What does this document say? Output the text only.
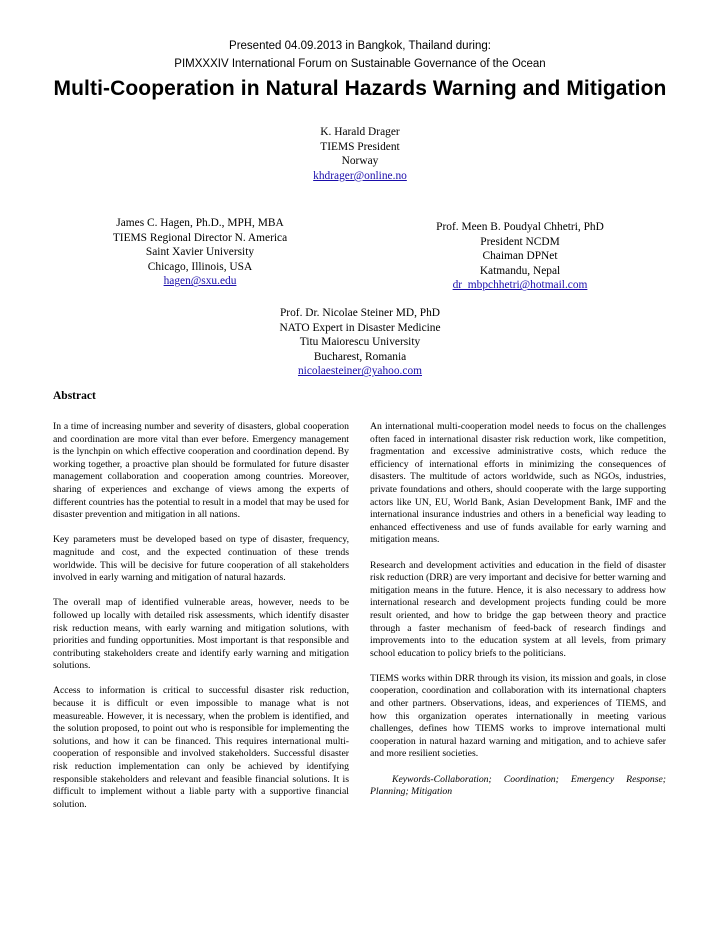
Presented 04.09.2013 in Bangkok, Thailand during:
PIMXXXIV International Forum on Sustainable Governance of the Ocean
Multi-Cooperation in Natural Hazards Warning and Mitigation
K. Harald Drager
TIEMS President
Norway
khdrager@online.no
James C. Hagen, Ph.D., MPH, MBA
TIEMS Regional Director N. America
Saint Xavier University
Chicago, Illinois, USA
hagen@sxu.edu
Prof. Meen B. Poudyal Chhetri, PhD
President NCDM
Chaiman DPNet
Katmandu, Nepal
dr_mbpchhetri@hotmail.com
Prof. Dr. Nicolae Steiner MD, PhD
NATO Expert in Disaster Medicine
Titu Maiorescu University
Bucharest, Romania
nicolaesteiner@yahoo.com
Abstract

In a time of increasing number and severity of disasters, global cooperation and coordination are more vital than ever before. Emergency management is the lynchpin on which effective cooperation and coordination depend. By working together, a proactive plan should be formulated for future disaster management collaboration and cooperation among countries. Moreover, sharing of experiences and exchange of views among the experts of different countries has the potential to result in a model that may be used for disaster prevention and mitigation in all nations.

Key parameters must be developed based on type of disaster, frequency, magnitude and cost, and the expected continuation of these trends worldwide. This will be decisive for future cooperation of all stakeholders involved in early warning and mitigation of natural hazards.

The overall map of identified vulnerable areas, however, needs to be followed up locally with detailed risk assessments, which identify disaster risk reduction means, with early warning and mitigation solutions, with priorities and funding opportunities. Most important is that responsible and contributing stakeholders create and identify early warning and mitigation solutions.

Access to information is critical to successful disaster risk reduction, because it is difficult or even impossible to manage what is not measureable. However, it is necessary, when the problem is identified, and the solution proposed, to point out who is responsible for implementing the solutions, and how it can be financed. This requires international multi-cooperation of responsible and involved stakeholders. Successful disaster risk reduction implementation can only be achieved by identifying responsible stakeholders and relevant and feasible financial solutions. It is difficult to implement without a liable party with a supportive financial solution.

An international multi-cooperation model needs to focus on the challenges often faced in international disaster risk reduction work, like competition, fragmentation and excessive administrative costs, which reduce the efficiency of international efforts in minimizing the consequences of disasters. The multitude of actors worldwide, such as NGOs, industries, private foundations and others, should cooperate with the large supporting actors like UN, EU, World Bank, Asian Development Bank, IMF and the international insurance industries and others in a beneficial way leading to enhanced effectiveness and use of funds available for early warning and mitigation means.

Research and development activities and education in the field of disaster risk reduction (DRR) are very important and decisive for better warning and mitigation means in the future. Hence, it is also necessary to address how international research and development projects funding could be more result oriented, and how to bridge the gap between theory and practice through a faster mechanism of feed-back of research findings and improvements into to the education system at all levels, from primary school education to policy briefs to the politicians.

TIEMS works within DRR through its vision, its mission and goals, in close cooperation, coordination and collaboration with its international chapters and other partners. Observations, ideas, and experiences of TIEMS, and how this organization operates internationally in meeting various challenges, defines how TIEMS works to improve international multi cooperation in natural hazard warning and mitigation, and to achieve safer and more resilient societies.

Keywords-Collaboration; Coordination; Emergency Response; Planning; Mitigation
